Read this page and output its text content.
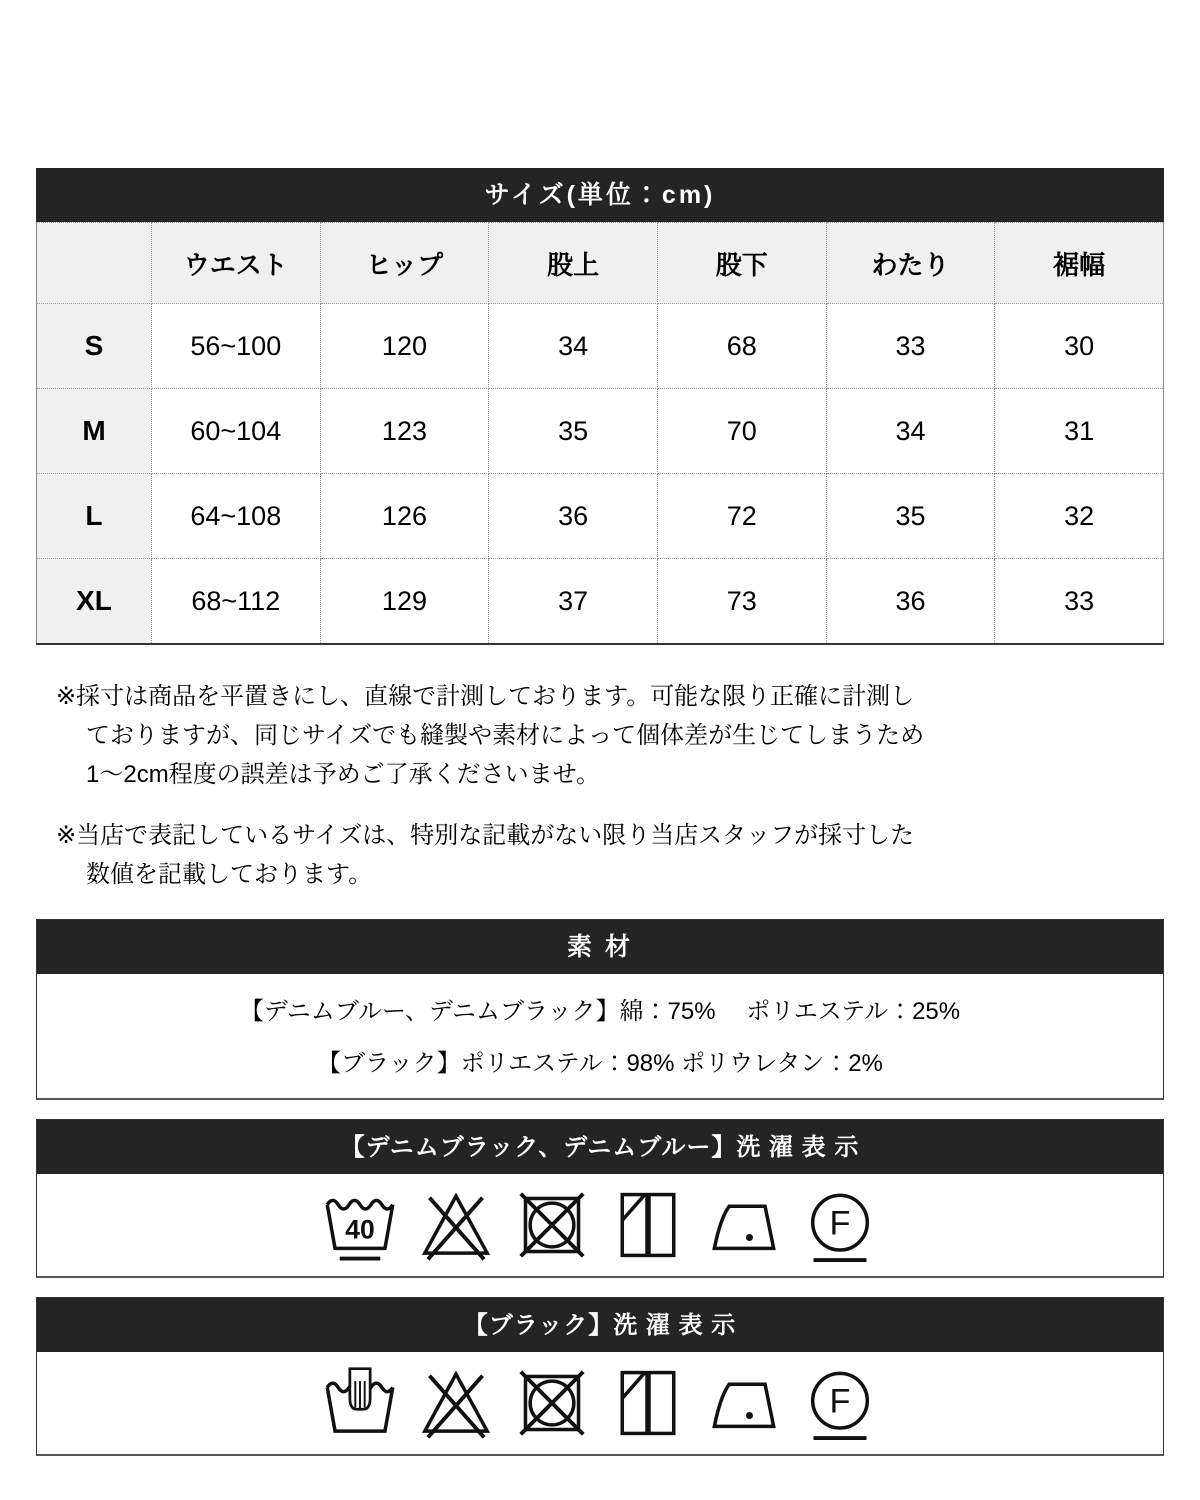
サイズ(単位：cm)
	ウエスト	ヒップ	股上	股下	わたり	裾幅
S	56~100	120	34	68	33	30
M	60~104	123	35	70	34	31
L	64~108	126	36	72	35	32
XL	68~112	129	37	73	36	33
※採寸は商品を平置きにし、直線で計測しております。可能な限り正確に計測し
ておりますが、同じサイズでも縫製や素材によって個体差が生じてしまうため
1〜2cm程度の誤差は予めご了承くださいませ。
※当店で表記しているサイズは、特別な記載がない限り当店スタッフが採寸した
数値を記載しております。
素 材
【デニムブルー、デニムブラック】綿：75%　 ポリエステル：25%
【ブラック】ポリエステル：98% ポリウレタン：2%
【デニムブラック、デニムブルー】洗 濯 表 示
【ブラック】洗 濯 表 示
